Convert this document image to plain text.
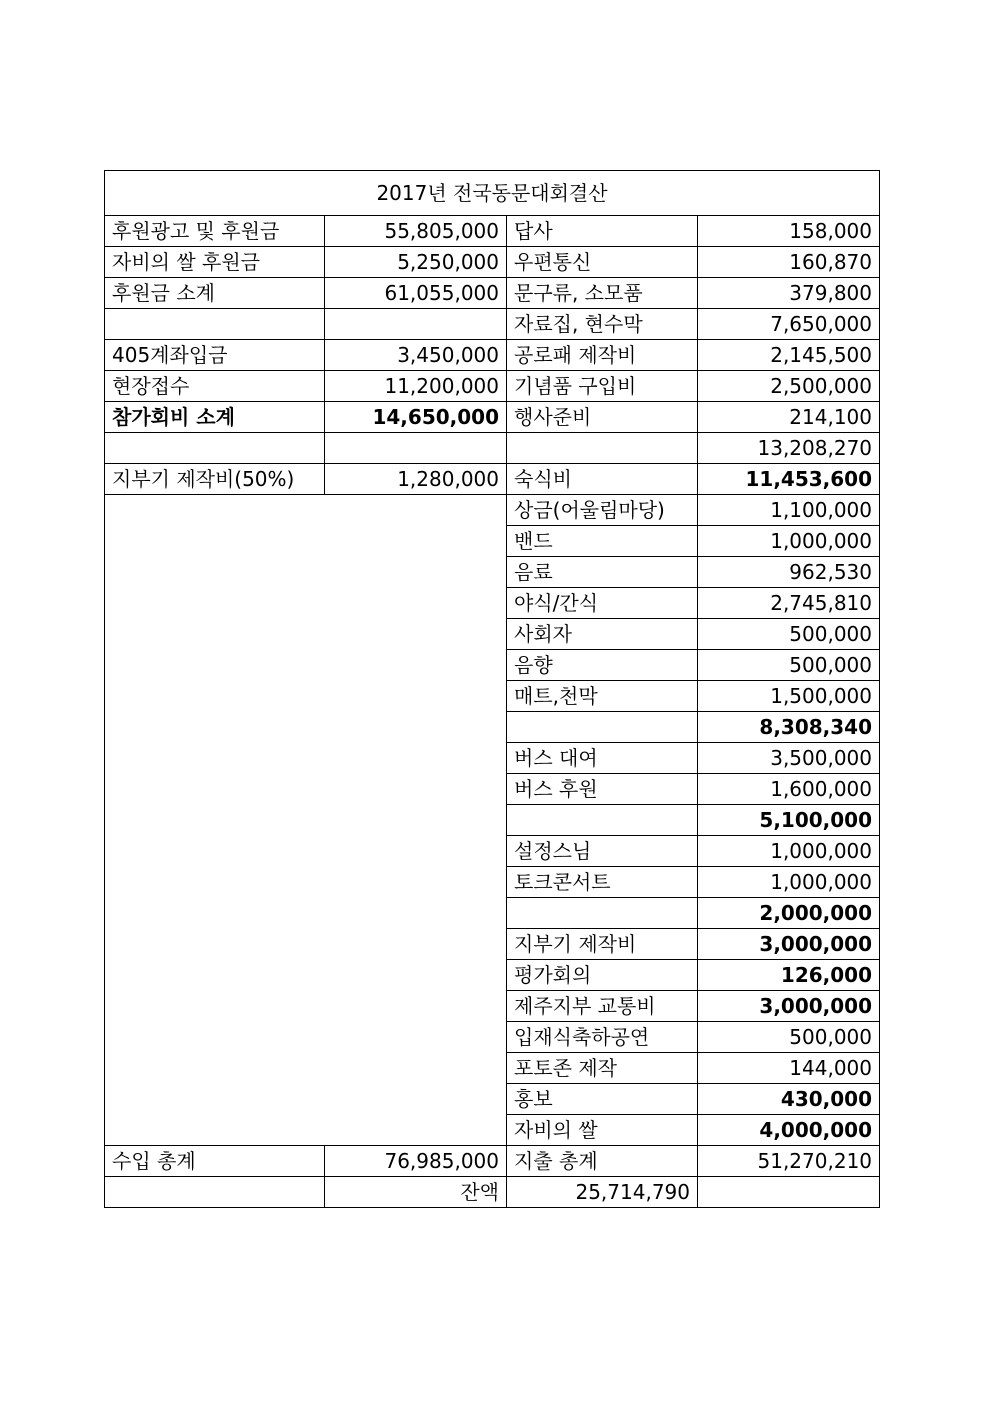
2017년 전국동문대회결산			
후원광고 및 후원금	55,805,000	답사	158,000
자비의 쌀 후원금	5,250,000	우편통신	160,870
후원금 소계	61,055,000	문구류, 소모품	379,800
		자료집, 현수막	7,650,000
405계좌입금	3,450,000	공로패 제작비	2,145,500
현장접수	11,200,000	기념품 구입비	2,500,000
참가회비 소계	14,650,000	행사준비	214,100
			13,208,270
지부기 제작비(50%)	1,280,000	숙식비	11,453,600
		상금(어울림마당)	1,100,000
		밴드	1,000,000
		음료	962,530
		야식/간식	2,745,810
		사회자	500,000
		음향	500,000
		매트,천막	1,500,000
			8,308,340
		버스 대여	3,500,000
		버스 후원	1,600,000
			5,100,000
		설정스님	1,000,000
		토크콘서트	1,000,000
			2,000,000
		지부기 제작비	3,000,000
		평가회의	126,000
		제주지부 교통비	3,000,000
		입재식축하공연	500,000
		포토존 제작	144,000
		홍보	430,000
		자비의 쌀	4,000,000
수입 총계	76,985,000	지출 총계	51,270,210
	잔액	25,714,790	
